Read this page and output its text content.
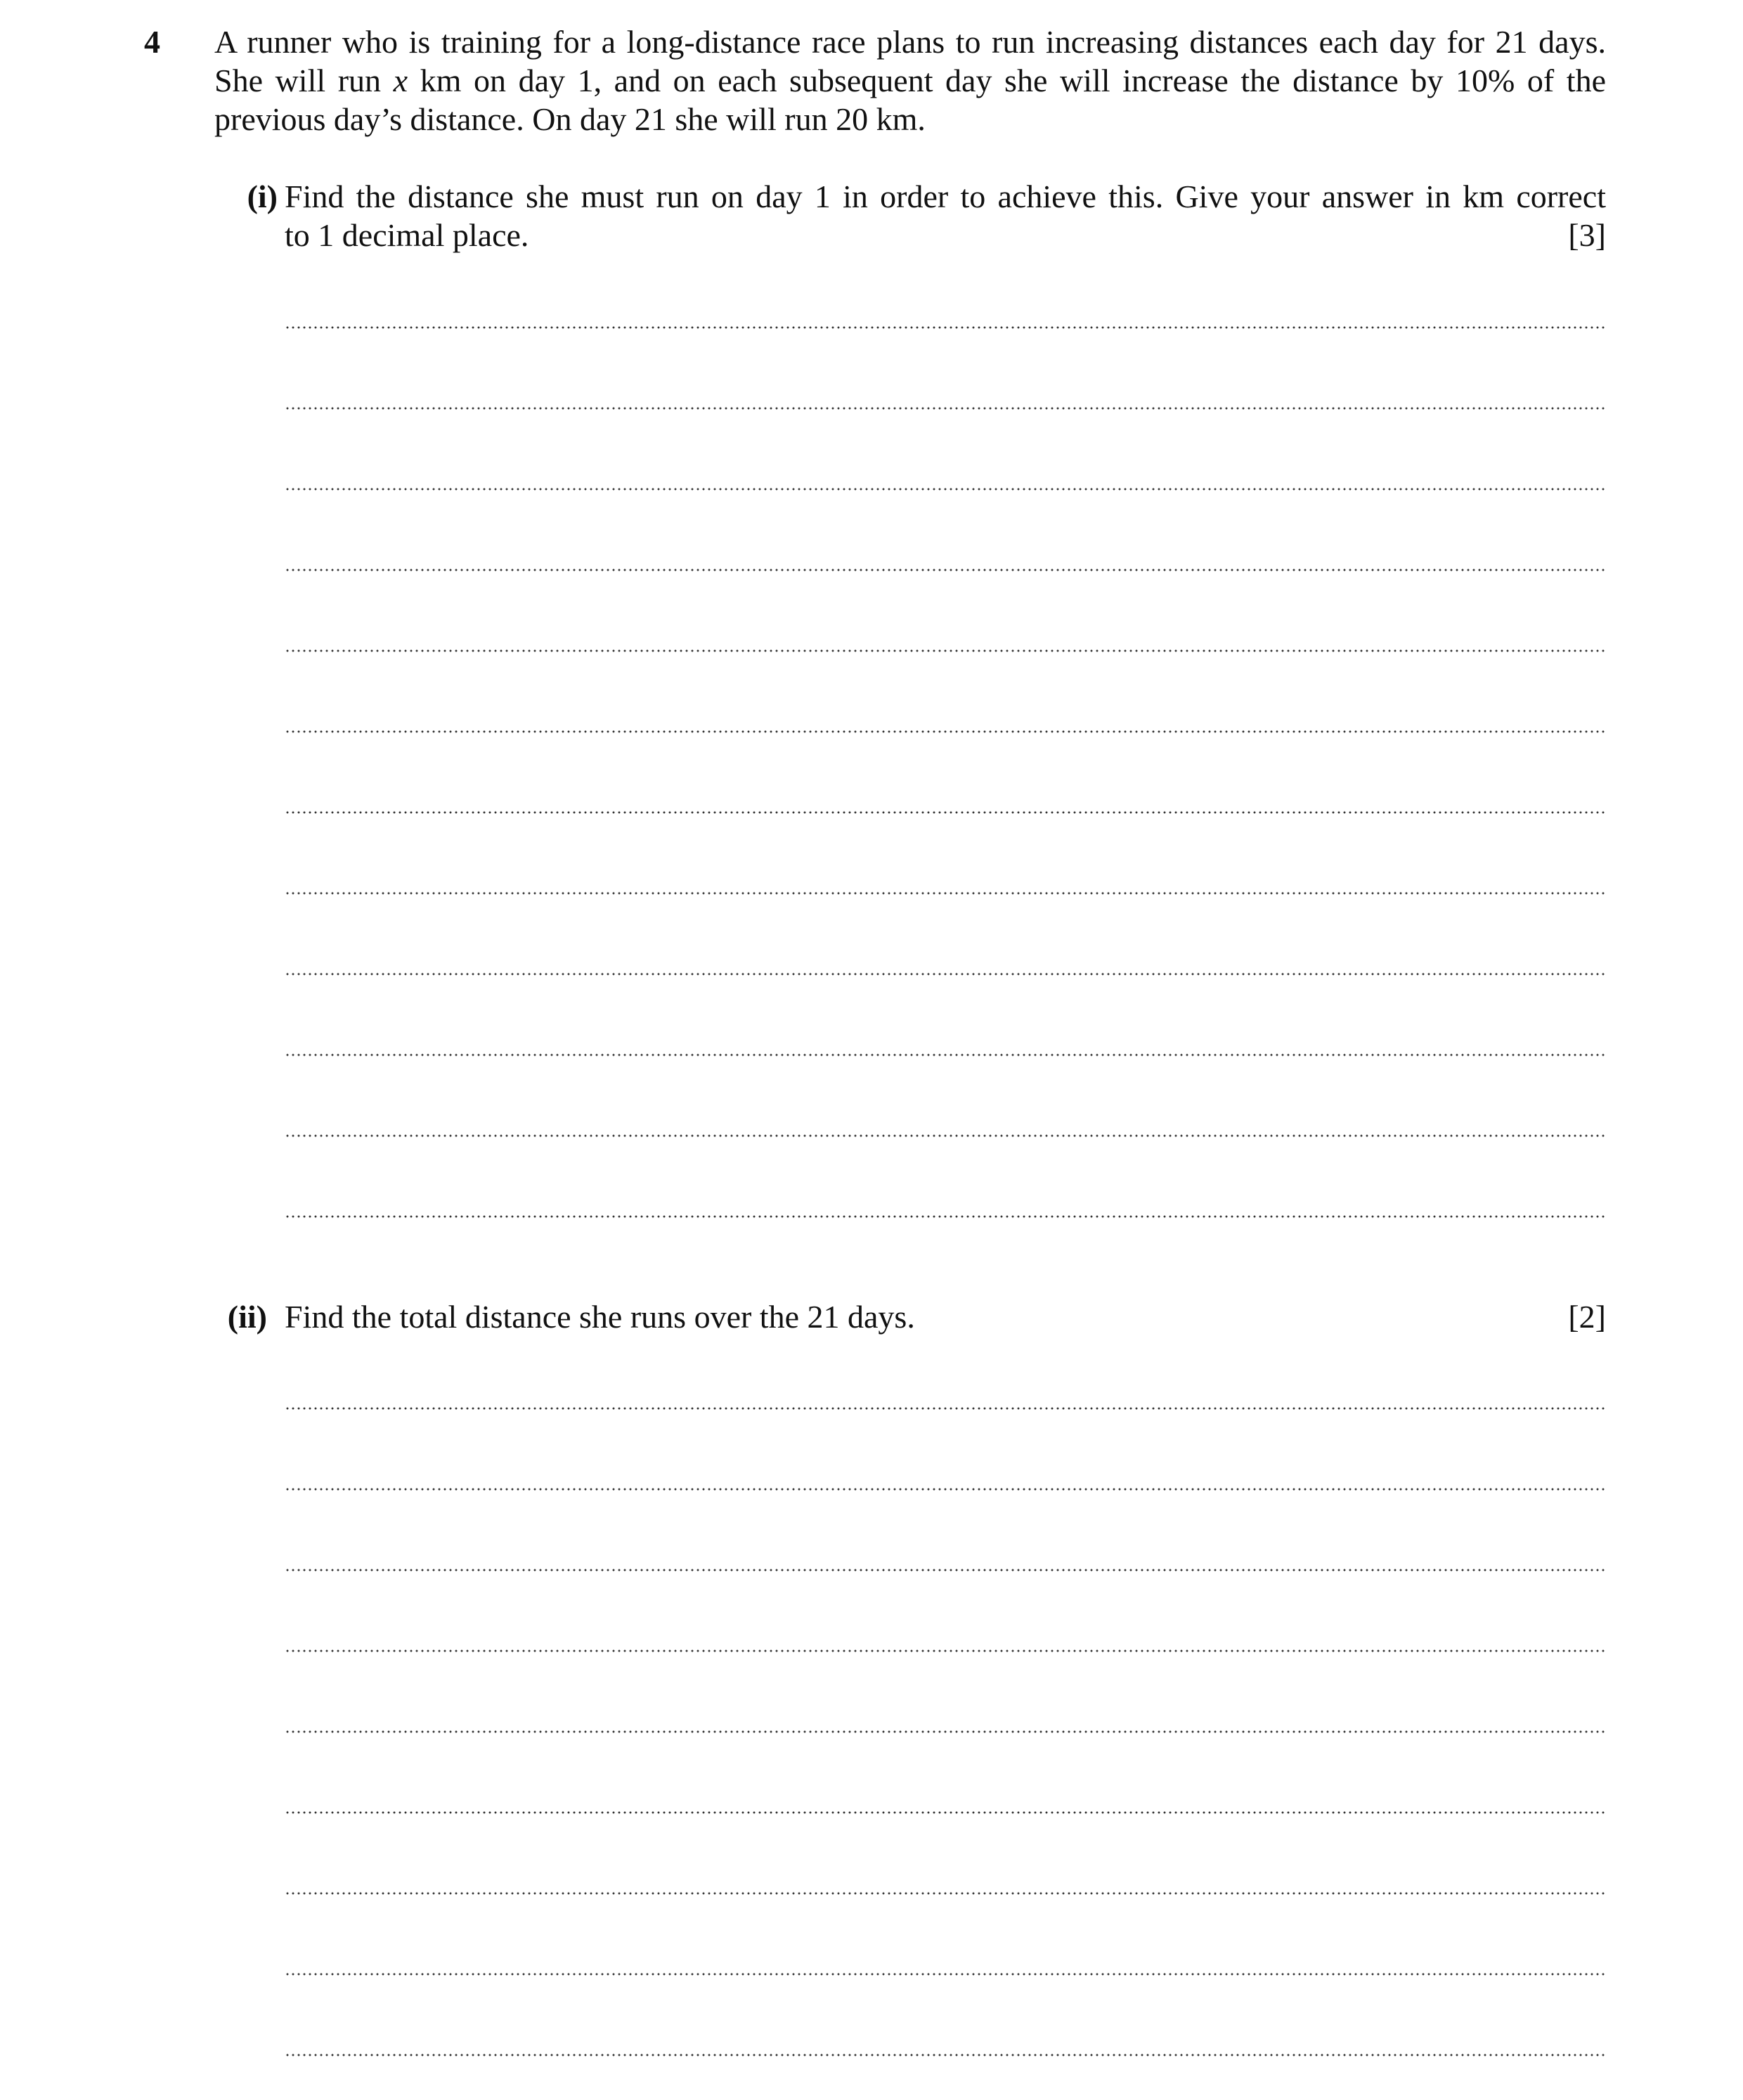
4 A runner who is training for a long-distance race plans to run increasing distances each day for 21 days.
She will run x km on day 1, and on each subsequent day she will increase the distance by 10% of the
previous day’s distance. On day 21 she will run 20 km.
(i) Find the distance she must run on day 1 in order to achieve this. Give your answer in km correct
to 1 decimal place.	[3]
(ii) Find the total distance she runs over the 21 days.	[2]
